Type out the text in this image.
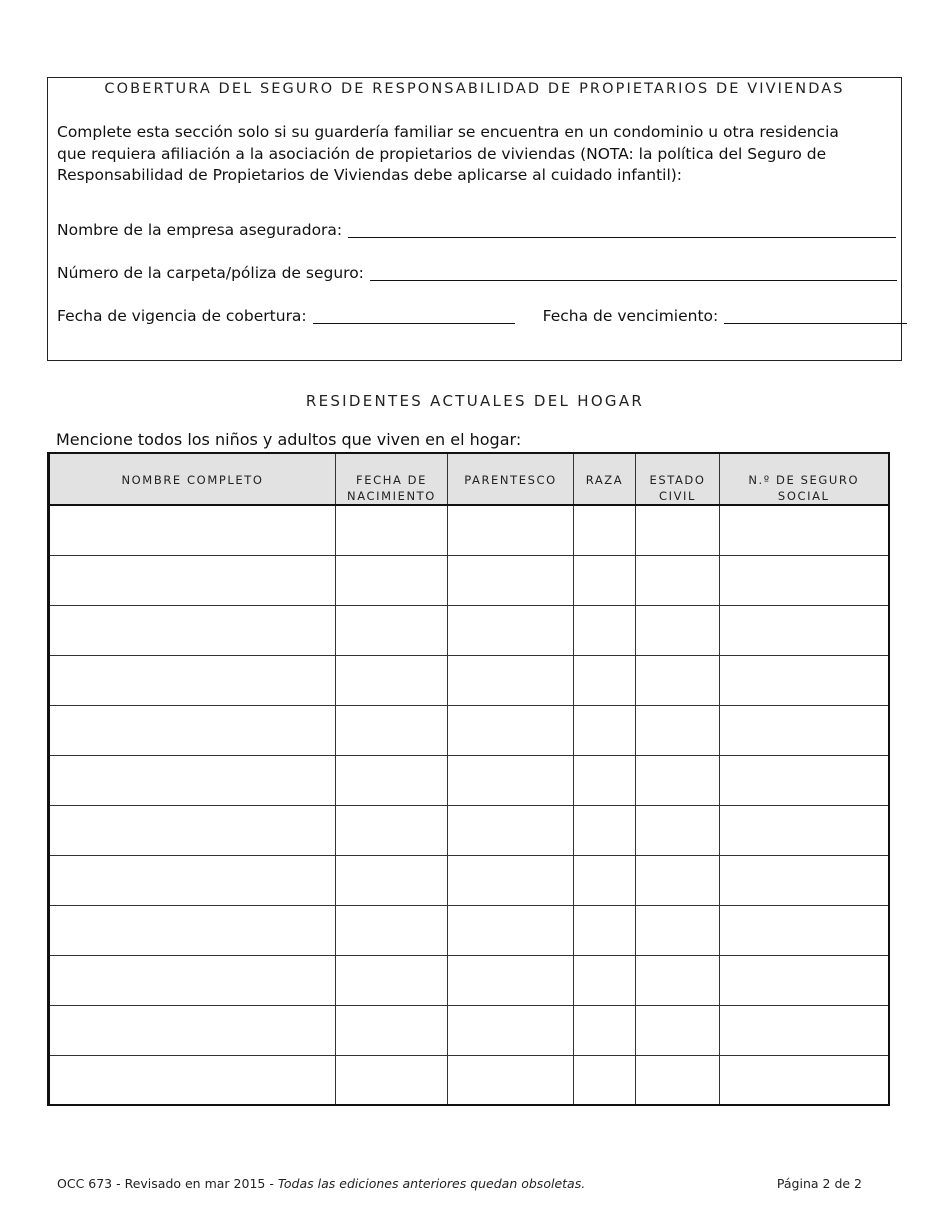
COBERTURA DEL SEGURO DE RESPONSABILIDAD DE PROPIETARIOS DE VIVIENDAS
Complete esta sección solo si su guardería familiar se encuentra en un condominio u otra residencia que requiera afiliación a la asociación de propietarios de viviendas (NOTA: la política del Seguro de Responsabilidad de Propietarios de Viviendas debe aplicarse al cuidado infantil):
Nombre de la empresa aseguradora:
Número de la carpeta/póliza de seguro:
Fecha de vigencia de cobertura:	Fecha de vencimiento:
RESIDENTES ACTUALES DEL HOGAR
Mencione todos los niños y adultos que viven en el hogar:
NOMBRE COMPLETO	FECHA DE NACIMIENTO	PARENTESCO	RAZA	ESTADO CIVIL	N.º DE SEGURO SOCIAL

OCC 673 - Revisado en mar 2015 - Todas las ediciones anteriores quedan obsoletas.	Página 2 de 2
